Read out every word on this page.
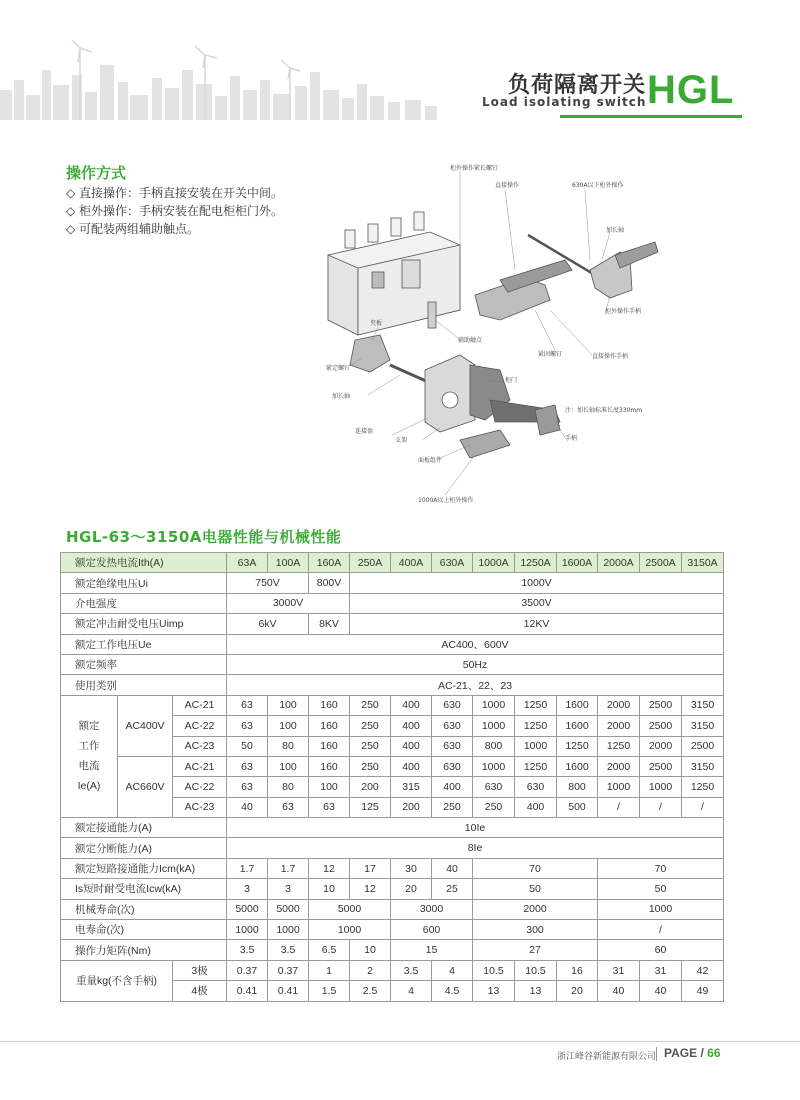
负荷隔离开关
Load isolating switch HGL
操作方式
◇ 直接操作：手柄直接安装在开关中间。
◇ 柜外操作：手柄安装在配电柜柜门外。
◇ 可配装两组辅助触点。
柜外操作紧长螺钉
直接操作	630A以下柜外操作
加长轴
夹板
辅助触点
紧固螺钉	直接操作手柄
柜外操作手柄
紧定螺钉
加长轴
柜门
注：加长轴标准长度330mm
连接套
支架	手柄
面板组件
1000A以上柜外操作
HGL-63～3150A电器性能与机械性能
额定发热电流Ith(A)			63A	100A	160A	250A	400A	630A	1000A	1250A	1600A	2000A	2500A	3150A
额定绝缘电压Ui			750V		800V	1000V								
介电强度			3000V			3500V								
额定冲击耐受电压Uimp			6kV		8KV	12KV								
额定工作电压Ue			AC400、600V											
额定频率			50Hz											
使用类别			AC-21、22、23											

额定
工作
电流
Ie(A)	AC400V	AC-21	63	100	160	250	400	630	1000	1250	1600	2000	2500	3150
		AC-22	63	100	160	250	400	630	1000	1250	1600	2000	2500	3150
		AC-23	50	80	160	250	400	630	800	1000	1250	1250	2000	2500
	AC660V	AC-21	63	100	160	250	400	630	1000	1250	1600	2000	2500	3150
		AC-22	63	80	100	200	315	400	630	630	800	1000	1000	1250
		AC-23	40	63	63	125	200	250	250	400	500	/	/	/
额定接通能力(A)			10Ie											
额定分断能力(A)			8Ie											
额定短路接通能力Icm(kA)			1.7	1.7	12	17	30	40	70			70		
Is短时耐受电流Icw(kA)			3	3	10	12	20	25	50			50		
机械寿命(次)			5000	5000	5000		3000		2000			1000		
电寿命(次)			1000	1000	1000		600		300			/		
操作力矩阵(Nm)			3.5	3.5	6.5	10	15		27			60		
重量kg(不含手柄)		3极	0.37	0.37	1	2	3.5	4	10.5	10.5	16	31	31	42
		4极	0.41	0.41	1.5	2.5	4	4.5	13	13	20	40	40	49
浙江峰谷新能源有限公司 PAGE / 66
